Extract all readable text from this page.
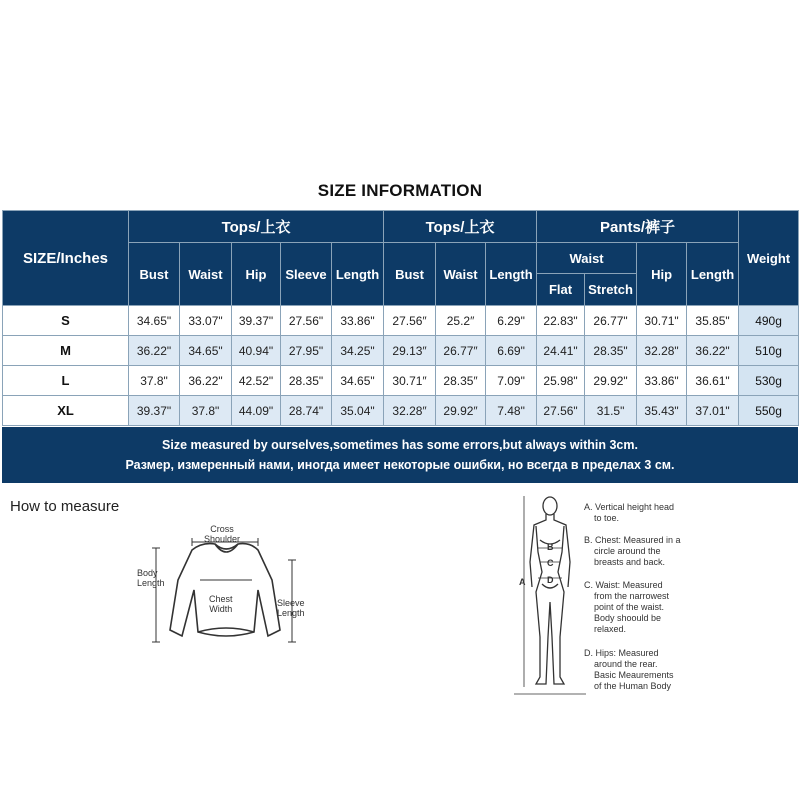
SIZE INFORMATION
SIZE/Inches	Tops/上衣					Tops/上衣			Pants/裤子				Weight
	Bust	Waist	Hip	Sleeve	Length	Bust	Waist	Length	Waist		Hip	Length	
									Flat	Stretch			
S	34.65"	33.07"	39.37"	27.56"	33.86"	27.56″	25.2″	6.29"	22.83"	26.77"	30.71"	35.85"	490g
M	36.22"	34.65"	40.94"	27.95"	34.25"	29.13″	26.77″	6.69"	24.41"	28.35"	32.28"	36.22"	510g
L	37.8"	36.22"	42.52"	28.35"	34.65"	30.71″	28.35″	7.09"	25.98"	29.92"	33.86"	36.61"	530g
XL	39.37"	37.8"	44.09"	28.74"	35.04"	32.28″	29.92″	7.48"	27.56"	31.5"	35.43"	37.01"	550g
Size measured by ourselves,sometimes has some errors,but always within 3cm.
Размер, измеренный нами, иногда имеет некоторые ошибки, но всегда в пределах 3 см.
How to measure
Cross
Shoulder
Body
Length
Chest
Width
Sleeve
Length
A
B
C
D
A. Vertical height head
to toe.
B. Chest: Measured in a
circle around the
breasts and back.
C. Waist: Measured
from the narrowest
point of the waist.
Body shoould be
relaxed.
D. Hips: Measured
around the rear.
Basic Meaurements
of the Human Body
